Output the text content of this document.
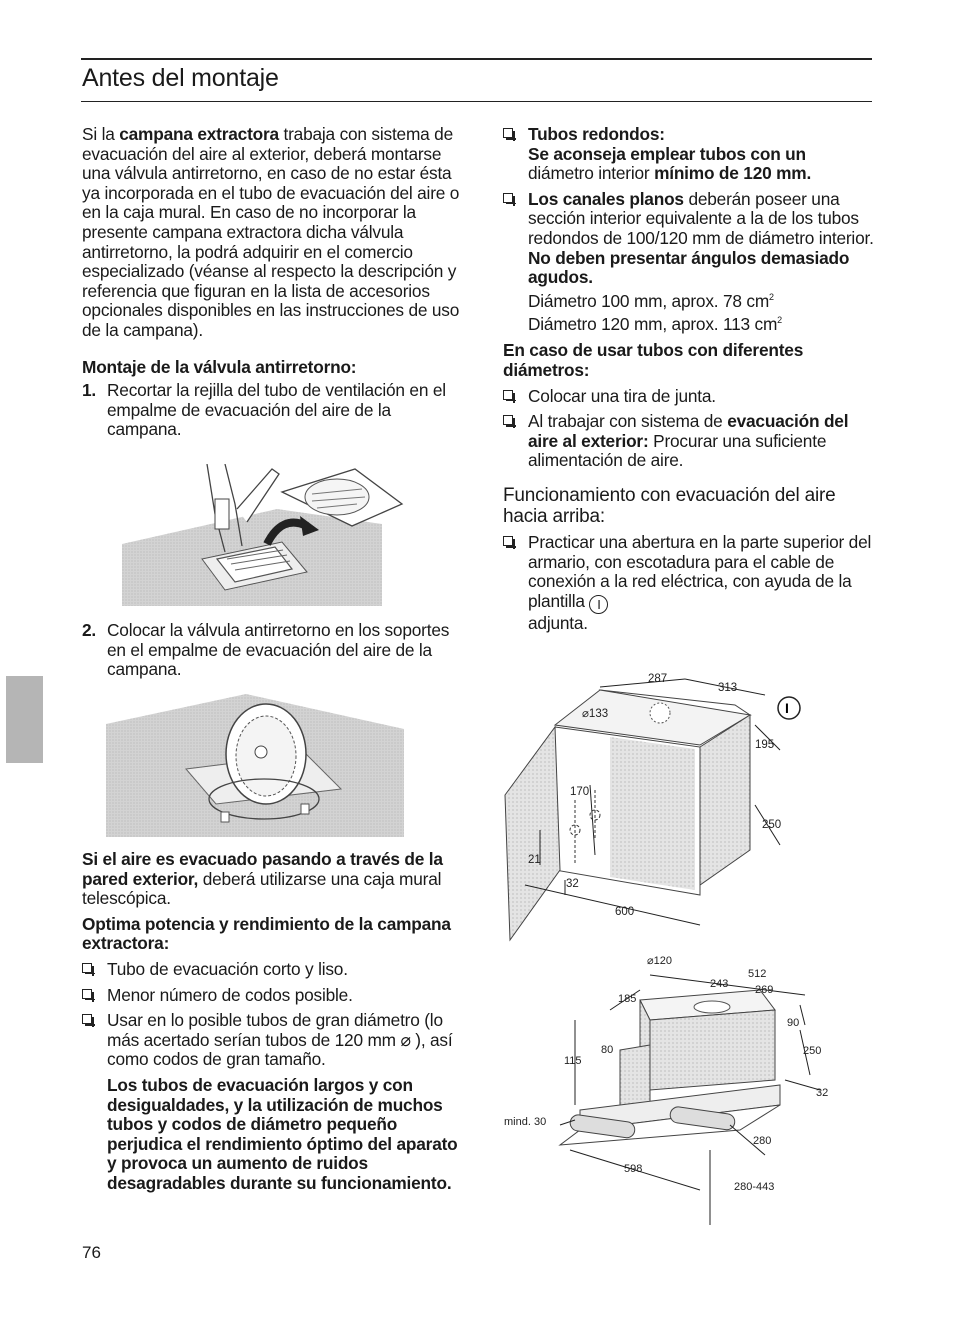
Antes del montaje

Si la campana extractora trabaja con sistema de evacuación del aire al exterior, deberá montarse una válvula antirretorno, en caso de no estar ésta ya incorporada en el tubo de evacuación del aire o en la caja mural. En caso de no incorporar la presente campana extractora dicha válvula antirretorno, la podrá adquirir en el comercio especializado (véanse al respecto la descripción y referencia que figuran en la lista de accesorios opcionales disponibles en las instrucciones de uso de la campana).

Montaje de la válvula antirretorno:

1. Recortar la rejilla del tubo de ventilación en el empalme de evacuación del aire de la campana.
2. Colocar la válvula antirretorno en los soportes en el empalme de evacuación del aire de la campana.

Si el aire es evacuado pasando a través de la pared exterior, deberá utilizarse una caja mural telescópica.

Optima potencia y rendimiento de la campana extractora:

Tubo de evacuación corto y liso.
Menor número de codos posible.
Usar en lo posible tubos de gran diámetro (lo más acertado serían tubos de 120 mm ⌀ ), así como codos de gran tamaño.

Los tubos de evacuación largos y con desigualdades, y la utilización de muchos tubos y codos de diámetro pequeño perjudica el rendimiento óptimo del aparato y provoca un aumento de ruidos desagradables durante su funcionamiento.

76
Tubos redondos:
Se aconseja emplear tubos con un
diámetro interior mínimo de 120 mm.
Los canales planos deberán poseer una sección interior equivalente a la de los tubos redondos de 100/120 mm de diámetro interior.
No deben presentar ángulos demasiado agudos.
Diámetro 100 mm, aprox. 78 $cm^2$
Diámetro 120 mm, aprox. 113 $cm^2$

En caso de usar tubos con diferentes diámetros:

Colocar una tira de junta.
Al trabajar con sistema de evacuación del aire al exterior: Procurar una suficiente alimentación de aire.

Funcionamiento con evacuación del aire hacia arriba:

Practicar una abertura en la parte superior del armario, con escotadura para el cable de conexión a la red eléctrica, con ayuda de la plantilla I
adjunta.
287
313
⌀133
195
170
250
21
32
600
I
⌀120
512
243 269
185
90
80
115
250
32
mind. 30
280
598
280-443
